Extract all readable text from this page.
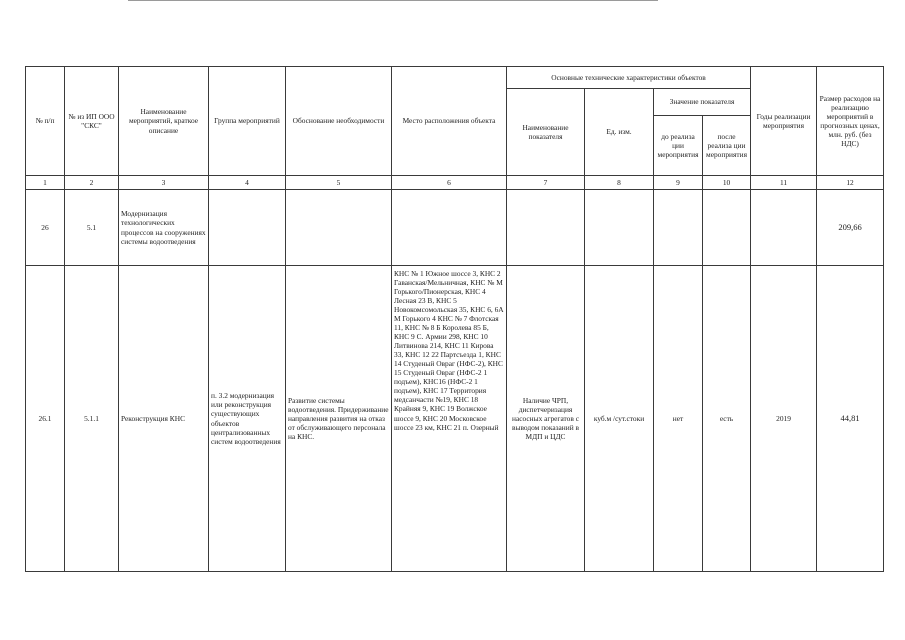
№ п/п	№ из ИП ООО "СКС"	Наименование мероприятий, краткое описание	Группа мероприятий	Обоснование необходимости	Место расположения объекта	Основные технические характеристики объектов				Годы реализации мероприятия	Размер расходов на реализацию мероприятий в прогнозных ценах, млн. руб. (без НДС)
						Наименование показателя	Ед. изм.	Значение показателя			
								до реализа ции мероприятия	после реализа ции мероприятия		
1	2	3	4	5	6	7	8	9	10	11	12
26	5.1	Модернизация технологических процессов на сооружениях системы водоотведения									209,66
26.1	5.1.1	Реконструкция КНС	п. 3.2 модернизация или реконструкция существующих объектов централизованных систем водоотведения	Развитие системы водоотведения. Придерживание направления развития на отказ от обслуживающего персонала на КНС.	КНС № 1 Южное шоссе 3, КНС 2 Гаванская/Мельничная, КНС № М Горького/Пионерская, КНС 4 Лесная 23 В, КНС 5 Новокомсомольская 35, КНС 6, 6А М Горького 4 КНС № 7 Флотская 11, КНС № 8 Б Королева 85 Б, КНС 9 С. Армии 298, КНС 10 Литвинова 214, КНС 11 Кирова 33, КНС 12 22 Партсъезда 1, КНС 14 Студеный Овраг (НФС-2), КНС 15 Студеный Овраг (НФС-2 1 подъем), КНС16 (НФС-2 1 подъем), КНС 17 Территория медсанчасти №19, КНС 18 Крайняя 9, КНС 19 Волжское шоссе 9, КНС 20 Московское шоссе 23 км, КНС 21 п. Озерный	Наличие ЧРП, диспетчеризация насосных агрегатов с выводом показаний в МДП и ЦДС	куб.м /сут.стоки	нет	есть	2019	44,81
